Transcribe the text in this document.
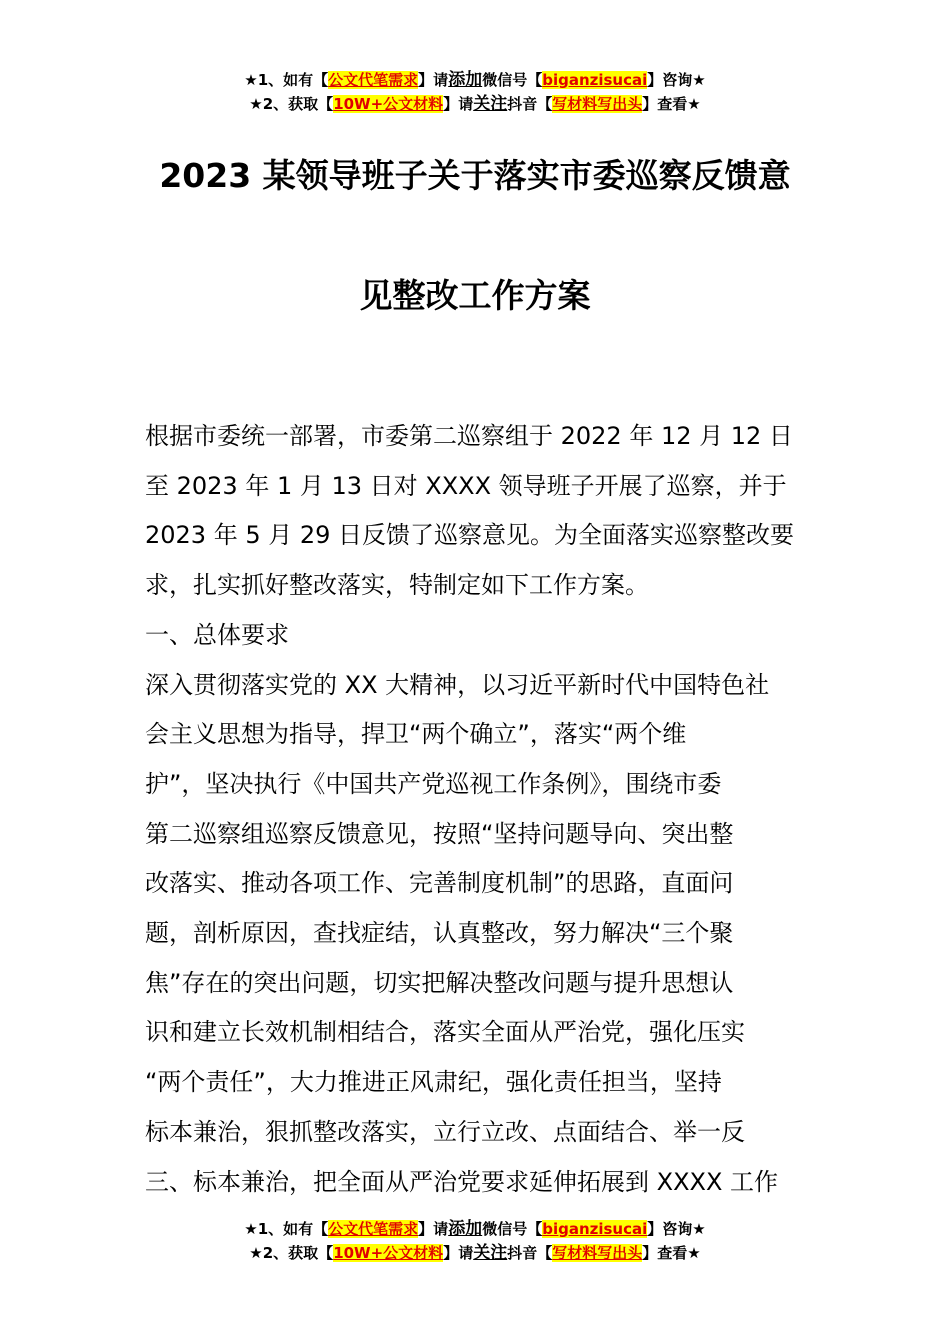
★1、如有【公文代笔需求】请添加微信号【biganzisucai】咨询★
★2、获取【10W+公文材料】请关注抖音【写材料写出头】查看★
2023 某领导班子关于落实市委巡察反馈意
见整改工作方案
根据市委统一部署，市委第二巡察组于 2022 年 12 月 12 日
至 2023 年 1 月 13 日对 XXXX 领导班子开展了巡察，并于
2023 年 5 月 29 日反馈了巡察意见。为全面落实巡察整改要
求，扎实抓好整改落实，特制定如下工作方案。
一、总体要求
深入贯彻落实党的 XX 大精神，以习近平新时代中国特色社
会主义思想为指导，捍卫“两个确立”，落实“两个维
护”，坚决执行《中国共产党巡视工作条例》，围绕市委
第二巡察组巡察反馈意见，按照“坚持问题导向、突出整
改落实、推动各项工作、完善制度机制”的思路，直面问
题，剖析原因，查找症结，认真整改，努力解决“三个聚
焦”存在的突出问题，切实把解决整改问题与提升思想认
识和建立长效机制相结合，落实全面从严治党，强化压实
“两个责任”，大力推进正风肃纪，强化责任担当，坚持
标本兼治，狠抓整改落实，立行立改、点面结合、举一反
三、标本兼治，把全面从严治党要求延伸拓展到 XXXX 工作
★1、如有【公文代笔需求】请添加微信号【biganzisucai】咨询★
★2、获取【10W+公文材料】请关注抖音【写材料写出头】查看★
